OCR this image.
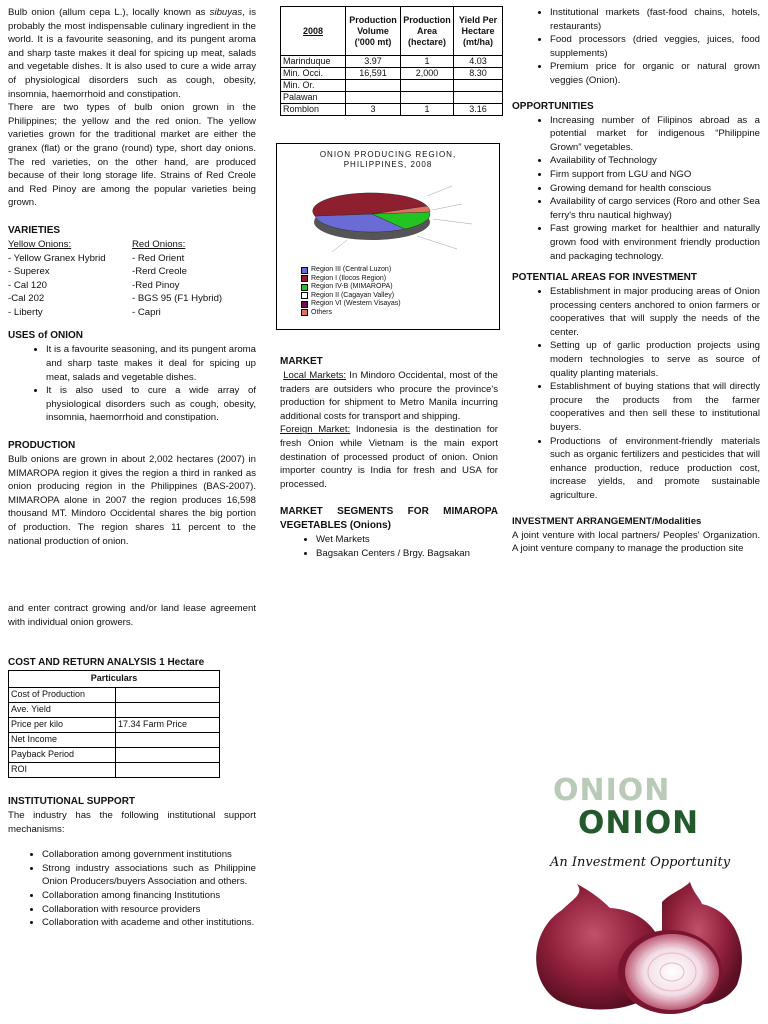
Bulb onion (allum cepa L.), locally known as sibuyas, is probably the most indispensable culinary ingredient in the world. It is a favourite seasoning, and its pungent aroma and sharp taste makes it deal for spicing up meat, salads and vegetable dishes. It is also used to cure a wide array of physiological disorders such as cough, obesity, insomnia, haemorrhoid and constipation.

There are two types of bulb onion grown in the Philippines; the yellow and the red onion. The yellow varieties grown for the traditional market are either the granex (flat) or the grano (round) type, short day onions. The red varieties, on the other hand, are produced because of their long storage life. Strains of Red Creole and Red Pinoy are among the popular varieties being grown.

VARIETIES
Yellow Onions:
- Yellow Granex Hybrid
- Superex
- Cal 120
-Cal 202
- Liberty
Red Onions:
- Red Orient
-Rerd Creole
-Red Pinoy
- BGS 95 (F1 Hybrid)
- Capri
USES of ONION
• It is a favourite seasoning, and its pungent aroma and sharp taste makes it deal for spicing up meat, salads and vegetable dishes.
• It is also used to cure a wide array of physiological disorders such as cough, obesity, insomnia, haemorrhoid and constipation.
PRODUCTION

Bulb onions are grown in about 2,002 hectares (2007) in MIMAROPA region it gives the region a third in ranked as onion producing region in the Philippines (BAS-2007). MIMAROPA alone in 2007 the region produces 16,598 thousand MT. Mindoro Occidental shares the big portion of production. The region shares 11 percent to the national production of onion.

and enter contract growing and/or land lease agreement with individual onion growers.

COST AND RETURN ANALYSIS 1 Hectare
Particulars	
Cost of Production	
Ave. Yield	
Price per kilo	17.34 Farm Price
Net Income	
Payback Period	
ROI	
INSTITUTIONAL SUPPORT

The industry has the following institutional support mechanisms:

• Collaboration among government institutions
• Strong industry associations such as Philippine Onion Producers/buyers Association and others.
• Collaboration among financing Institutions
• Collaboration with resource providers
• Collaboration with academe and other institutions.
2008	Production Volume ('000 mt)	Production Area (hectare)	Yield Per Hectare (mt/ha)
Marinduque	3.97	1	4.03
Min. Occi.	16,591	2,000	8.30
Min. Or.			
Palawan			
Romblon	3	1	3.16
ONION PRODUCING REGION, PHILIPPINES, 2008
Region III (Central Luzon)
Region I (Ilocos Region)
Region IV-B (MIMAROPA)
Region II (Cagayan Valley)
Region VI (Western Visayas)
Others
MARKET

Local Markets: In Mindoro Occidental, most of the traders are outsiders who procure the province's production for shipment to Metro Manila incurring additional costs for transport and shipping.

Foreign Market: Indonesia is the destination for fresh Onion while Vietnam is the main export destination of processed product of onion. Onion importer country is India for fresh and USA for processed.

MARKET SEGMENTS FOR MIMAROPA VEGETABLES (Onions)
• Wet Markets
• Bagsakan Centers / Brgy. Bagsakan
• Institutional markets (fast-food chains, hotels, restaurants)
• Food processors (dried veggies, juices, food supplements)
• Premium price for organic or natural grown veggies (Onion).
OPPORTUNITIES
• Increasing number of Filipinos abroad as a potential market for indigenous “Philippine Grown” vegetables.
• Availability of Technology
• Firm support from LGU and NGO
• Growing demand for health conscious
• Availability of cargo services (Roro and other Sea ferry's thru nautical highway)
• Fast growing market for healthier and naturally grown food with environment friendly production and packaging technology.
POTENTIAL AREAS FOR INVESTMENT
• Establishment in major producing areas of Onion processing centers anchored to onion farmers or cooperatives that will supply the needs of the center.
• Setting up of garlic production projects using modern technologies to serve as source of quality planting materials.
• Establishment of buying stations that will directly procure the products from the farmer cooperatives and then sell these to institutional buyers.
• Productions of environment-friendly materials such as organic fertilizers and pesticides that will enhance production, reduce production cost, increase yields, and promote sustainable agriculture.
INVESTMENT ARRANGEMENT/Modalities

A joint venture with local partners/ Peoples' Organization. A joint venture company to manage the production site

ONION
ONION
An Investment Opportunity
